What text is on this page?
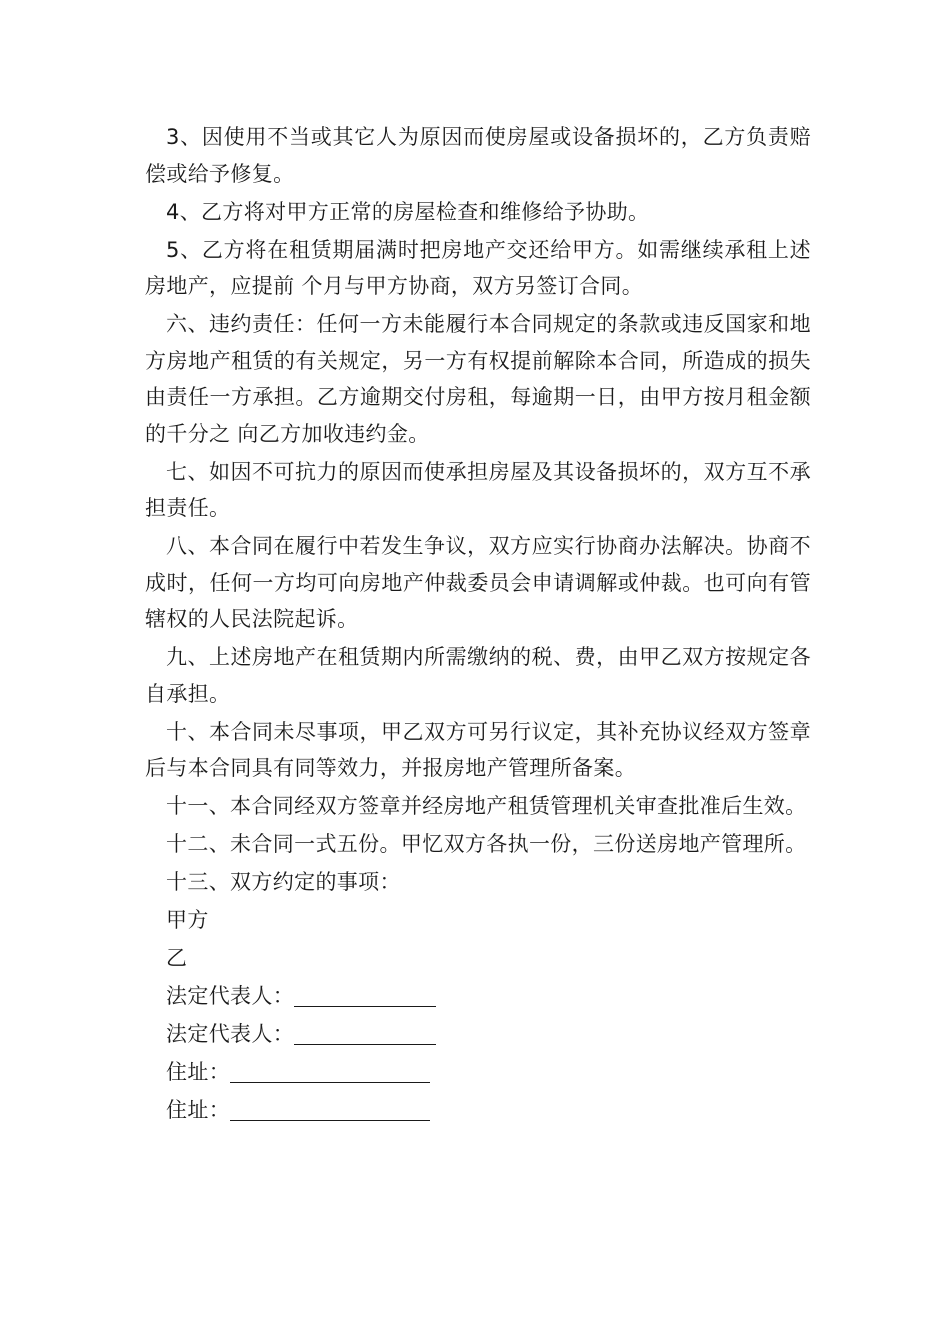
3、因使用不当或其它人为原因而使房屋或设备损坏的，乙方负责赔偿或给予修复。

4、乙方将对甲方正常的房屋检查和维修给予协助。

5、乙方将在租赁期届满时把房地产交还给甲方。如需继续承租上述房地产，应提前 个月与甲方协商，双方另签订合同。

六、违约责任：任何一方未能履行本合同规定的条款或违反国家和地方房地产租赁的有关规定，另一方有权提前解除本合同，所造成的损失由责任一方承担。乙方逾期交付房租，每逾期一日，由甲方按月租金额的千分之 向乙方加收违约金。

七、如因不可抗力的原因而使承担房屋及其设备损坏的，双方互不承担责任。

八、本合同在履行中若发生争议，双方应实行协商办法解决。协商不成时，任何一方均可向房地产仲裁委员会申请调解或仲裁。也可向有管辖权的人民法院起诉。

九、上述房地产在租赁期内所需缴纳的税、费，由甲乙双方按规定各自承担。

十、本合同未尽事项，甲乙双方可另行议定，其补充协议经双方签章后与本合同具有同等效力，并报房地产管理所备案。

十一、本合同经双方签章并经房地产租赁管理机关审查批准后生效。

十二、未合同一式五份。甲忆双方各执一份，三份送房地产管理所。

十三、双方约定的事项：

甲方
乙
法定代表人：
法定代表人：
住址：
住址：
